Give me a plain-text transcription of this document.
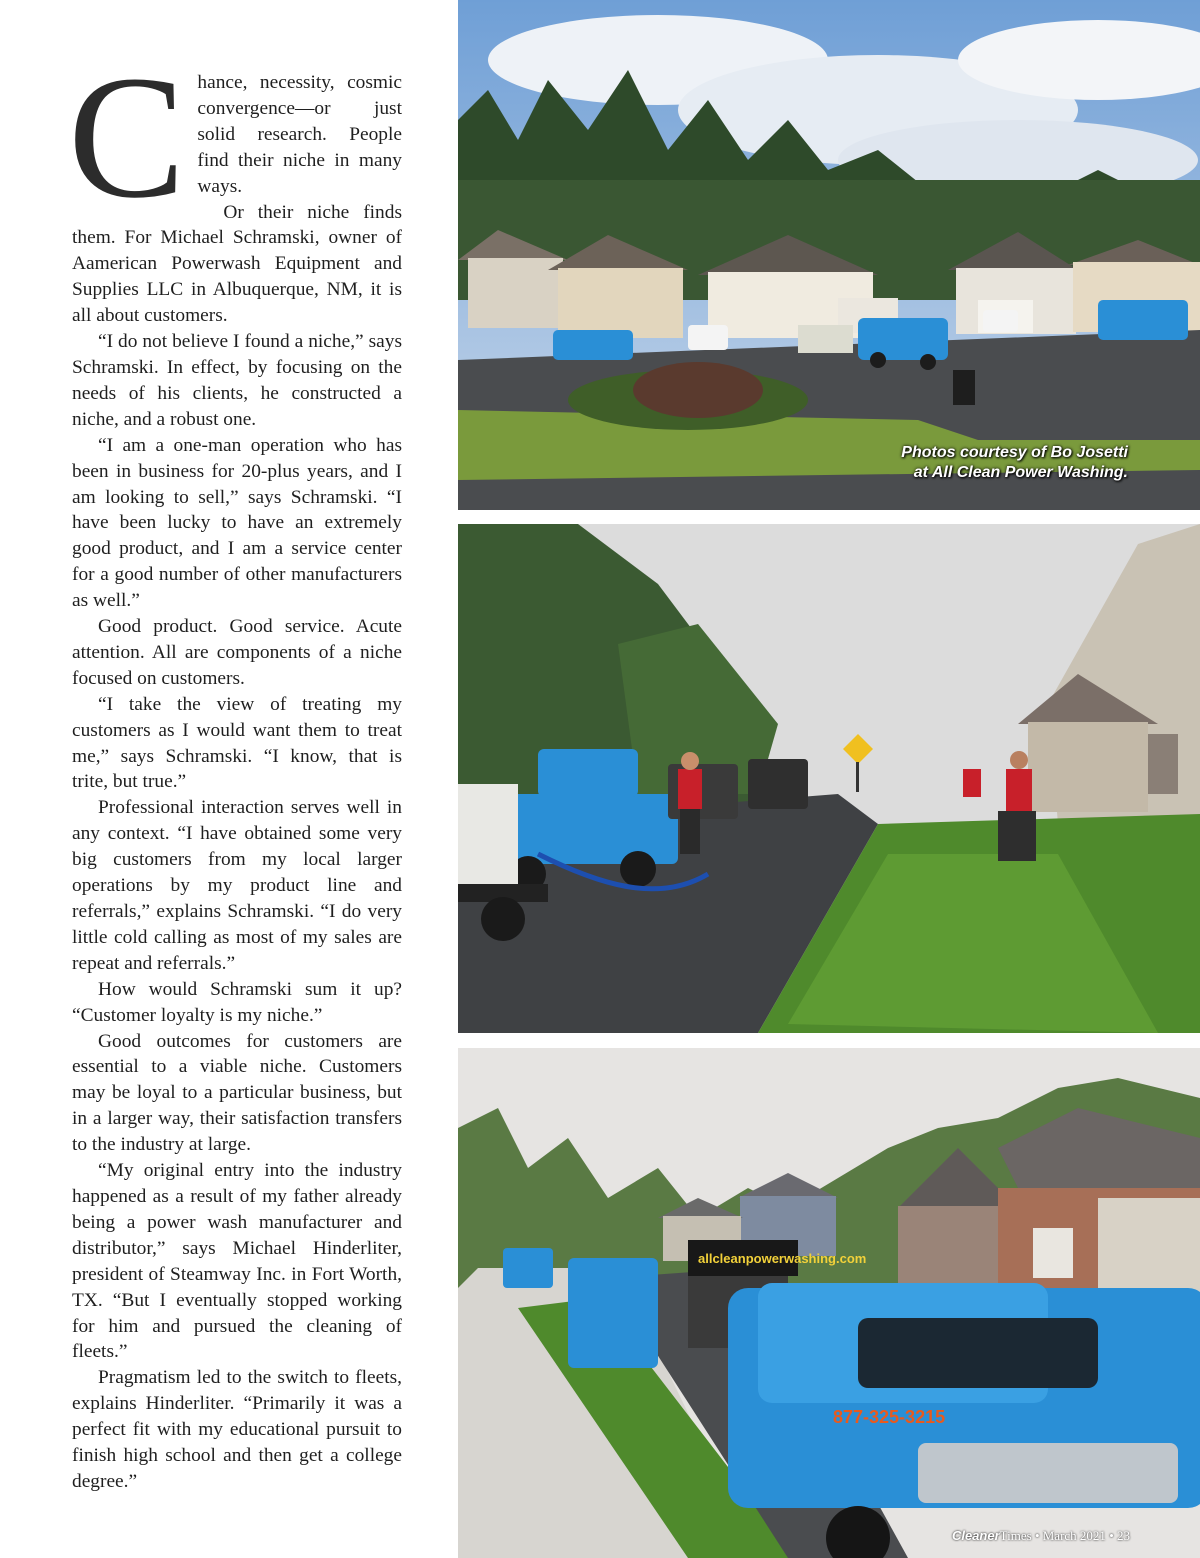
Chance, necessity, cosmic convergence—or just solid research. People find their niche in many ways.

Or their niche finds them. For Michael Schramski, owner of Aamerican Powerwash Equipment and Supplies LLC in Albuquerque, NM, it is all about customers.

“I do not believe I found a niche,” says Schramski. In effect, by focusing on the needs of his clients, he constructed a niche, and a robust one.

“I am a one-man operation who has been in business for 20-plus years, and I am looking to sell,” says Schramski. “I have been lucky to have an extremely good product, and I am a service center for a good number of other manufacturers as well.”

Good product. Good service. Acute attention. All are components of a niche focused on customers.

“I take the view of treating my customers as I would want them to treat me,” says Schramski. “I know, that is trite, but true.”

Professional interaction serves well in any context. “I have obtained some very big customers from my local larger operations by my product line and referrals,” explains Schramski. “I do very little cold calling as most of my sales are repeat and referrals.”

How would Schramski sum it up? “Customer loyalty is my niche.”

Good outcomes for customers are essential to a viable niche. Customers may be loyal to a particular business, but in a larger way, their satisfaction transfers to the industry at large.

“My original entry into the industry happened as a result of my father already being a power wash manufacturer and distributor,” says Michael Hinderliter, president of Steamway Inc. in Fort Worth, TX. “But I eventually stopped working for him and pursued the cleaning of fleets.”

Pragmatism led to the switch to fleets, explains Hinderliter. “Primarily it was a perfect fit with my educational pursuit to finish high school and then get a college degree.”

Photos courtesy of Bo Josetti
at All Clean Power Washing.
allcleanpowerwashing.com
877-325-3215
CleanerTimes • March 2021 • 23
